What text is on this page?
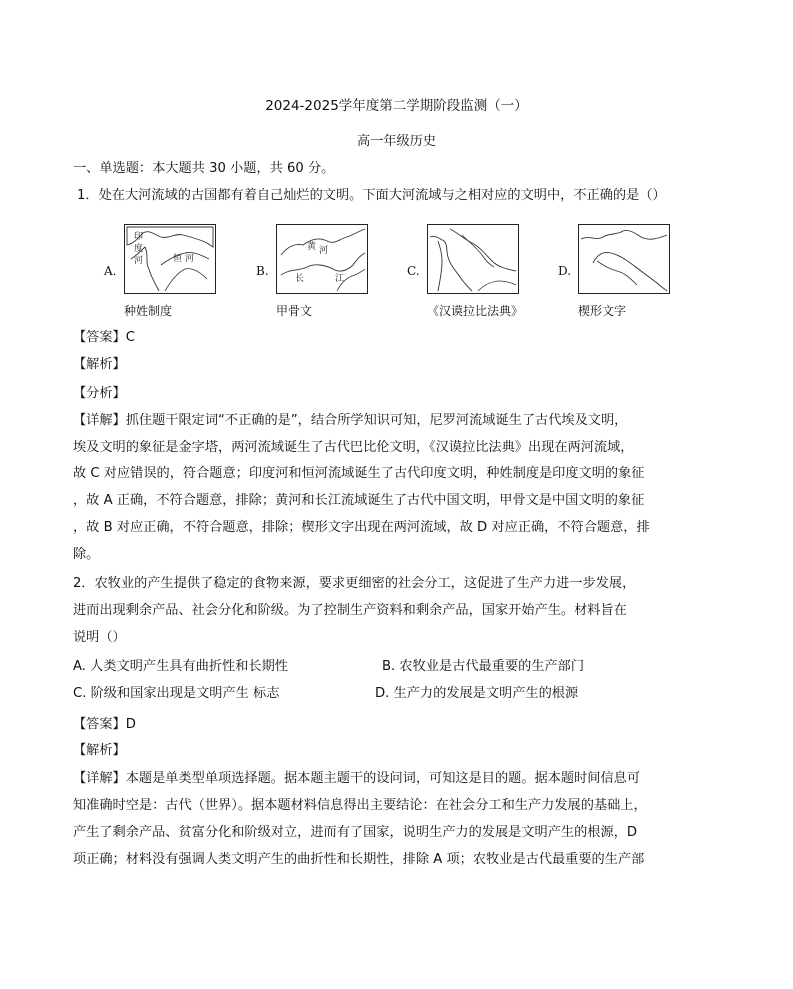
2024-2025学年度第二学期阶段监测（一）
高一年级历史
一、单选题：本大题共 30 小题，共 60 分。
1．处在大河流域的古国都有着自己灿烂的文明。下面大河流域与之相对应的文明中，不正确的是（）
A.
印
度
河	恒 河
种姓制度
B.
黄 河
长	江
甲骨文
C.
《汉谟拉比法典》
D.
楔形文字
【答案】C
【解析】
【分析】
【详解】抓住题干限定词“不正确的是”，结合所学知识可知，尼罗河流域诞生了古代埃及文明，
埃及文明的象征是金字塔，两河流域诞生了古代巴比伦文明，《汉谟拉比法典》出现在两河流域，
故 C 对应错误的，符合题意；印度河和恒河流域诞生了古代印度文明，种姓制度是印度文明的象征
，故 A 正确，不符合题意，排除；黄河和长江流域诞生了古代中国文明，甲骨文是中国文明的象征
，故 B 对应正确，不符合题意，排除；楔形文字出现在两河流域，故 D 对应正确，不符合题意，排
除。
2．农牧业的产生提供了稳定的食物来源，要求更细密的社会分工，这促进了生产力进一步发展，
进而出现剩余产品、社会分化和阶级。为了控制生产资料和剩余产品，国家开始产生。材料旨在
说明（）
A. 人类文明产生具有曲折性和长期性	B. 农牧业是古代最重要的生产部门
C. 阶级和国家出现是文明产生 标志	D. 生产力的发展是文明产生的根源
【答案】D
【解析】
【详解】本题是单类型单项选择题。据本题主题干的设问词，可知这是目的题。据本题时间信息可
知准确时空是：古代（世界）。据本题材料信息得出主要结论：在社会分工和生产力发展的基础上，
产生了剩余产品、贫富分化和阶级对立，进而有了国家，说明生产力的发展是文明产生的根源，D
项正确；材料没有强调人类文明产生的曲折性和长期性，排除 A 项；农牧业是古代最重要的生产部
